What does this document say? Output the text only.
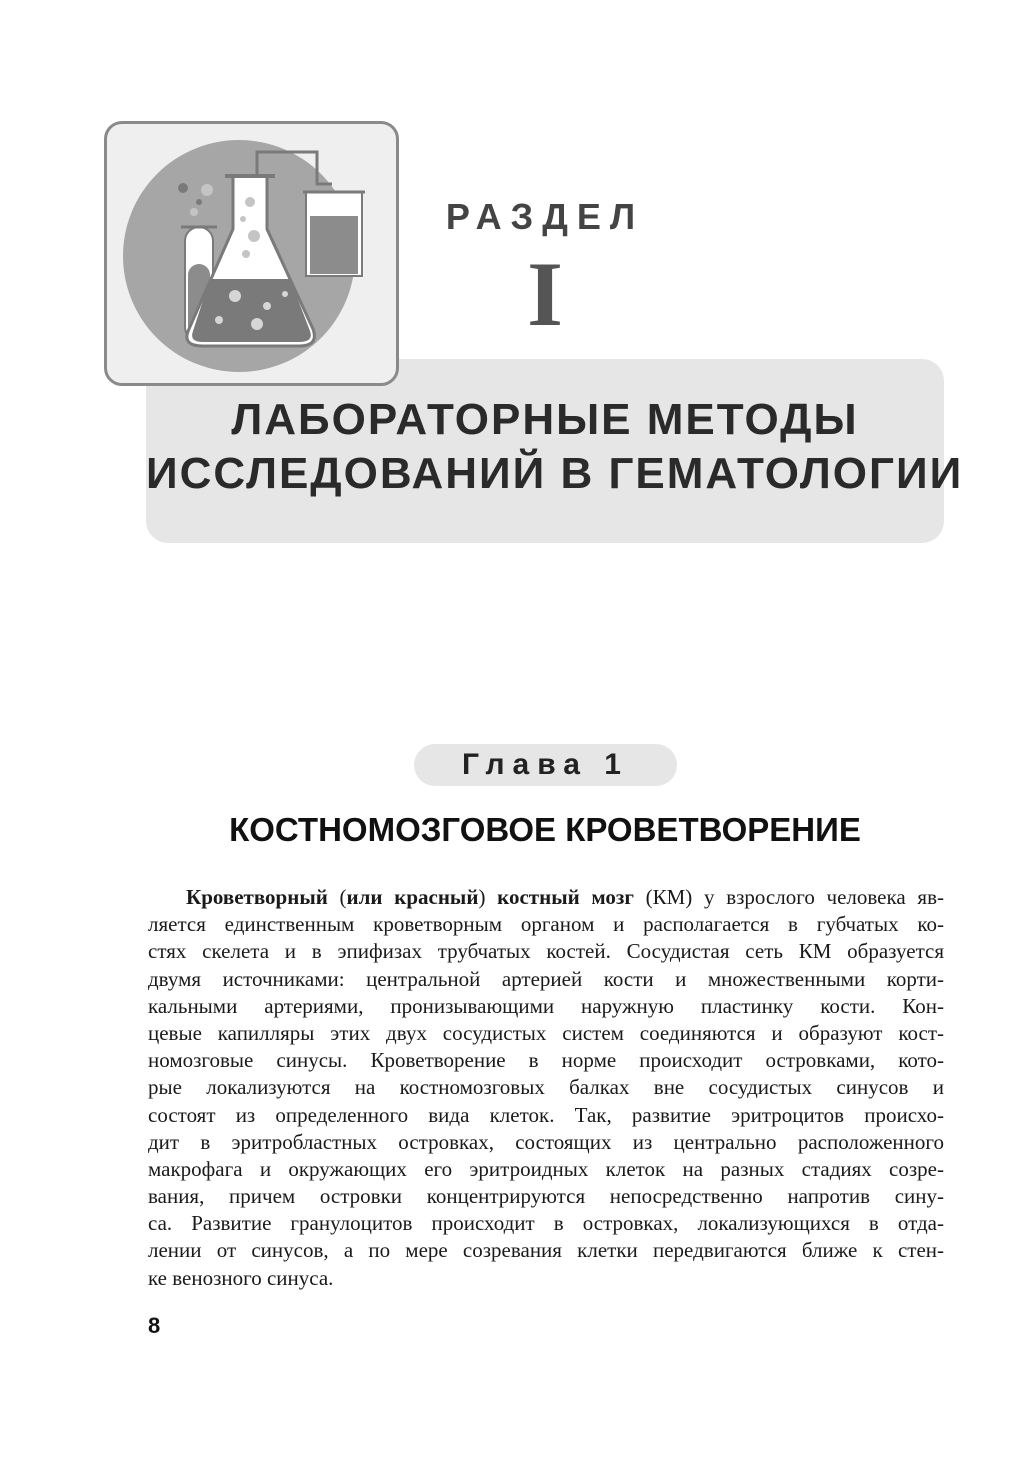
РАЗДЕЛ
I
ЛАБОРАТОРНЫЕ МЕТОДЫ
ИССЛЕДОВАНИЙ В ГЕМАТОЛОГИИ
Глава 1
КОСТНОМОЗГОВОЕ КРОВЕТВОРЕНИЕ
Кроветворный (или красный) костный мозг (КМ) у взрослого человека яв-
ляется единственным кроветворным органом и располагается в губчатых ко-
стях скелета и в эпифизах трубчатых костей. Сосудистая сеть КМ образуется
двумя источниками: центральной артерией кости и множественными корти-
кальными артериями, пронизывающими наружную пластинку кости. Кон-
цевые капилляры этих двух сосудистых систем соединяются и образуют кост-
номозговые синусы. Кроветворение в норме происходит островками, кото-
рые локализуются на костномозговых балках вне сосудистых синусов и
состоят из определенного вида клеток. Так, развитие эритроцитов происхо-
дит в эритробластных островках, состоящих из центрально расположенного
макрофага и окружающих его эритроидных клеток на разных стадиях созре-
вания, причем островки концентрируются непосредственно напротив сину-
са. Развитие гранулоцитов происходит в островках, локализующихся в отда-
лении от синусов, а по мере созревания клетки передвигаются ближе к стен-
ке венозного синуса.
8
